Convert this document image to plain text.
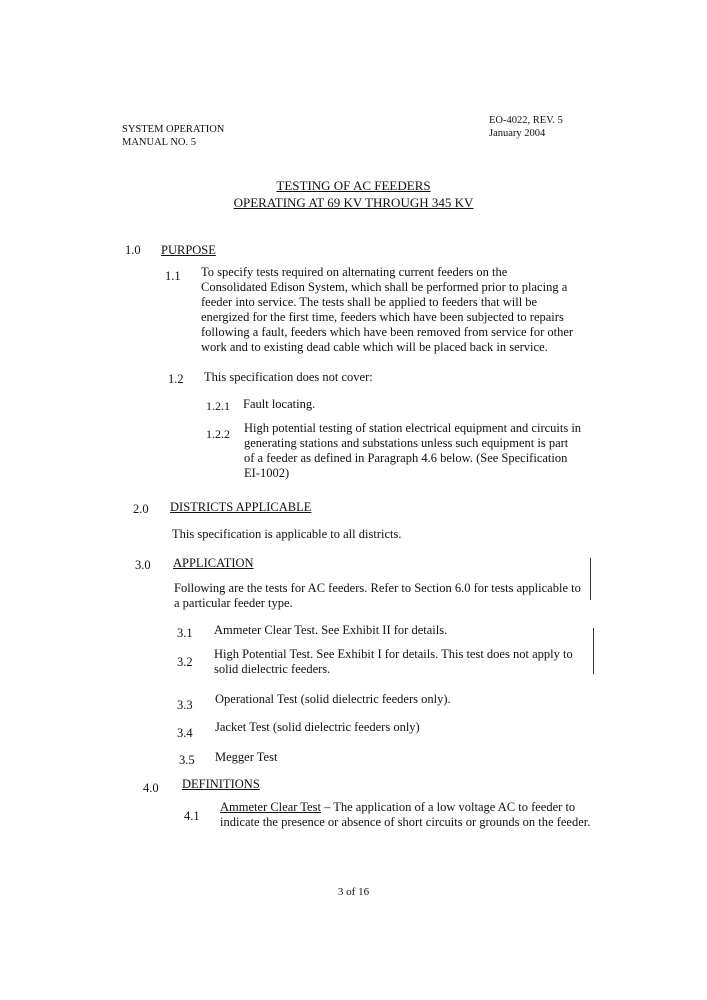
SYSTEM OPERATION
MANUAL NO. 5
EO-4022, REV. 5
January 2004
TESTING OF AC FEEDERS
OPERATING AT 69 KV THROUGH 345 KV
1.0 PURPOSE
1.1 To specify tests required on alternating current feeders on the
Consolidated Edison System, which shall be performed prior to placing a
feeder into service. The tests shall be applied to feeders that will be
energized for the first time, feeders which have been subjected to repairs
following a fault, feeders which have been removed from service for other
work and to existing dead cable which will be placed back in service.
1.2 This specification does not cover:
1.2.1 Fault locating.
1.2.2 High potential testing of station electrical equipment and circuits in
generating stations and substations unless such equipment is part
of a feeder as defined in Paragraph 4.6 below. (See Specification
EI-1002)
2.0 DISTRICTS APPLICABLE
This specification is applicable to all districts.
3.0 APPLICATION
Following are the tests for AC feeders. Refer to Section 6.0 for tests applicable to
a particular feeder type.
3.1 Ammeter Clear Test. See Exhibit II for details.
3.2
High Potential Test. See Exhibit I for details. This test does not apply to
solid dielectric feeders.
3.3 Operational Test (solid dielectric feeders only).
3.4 Jacket Test (solid dielectric feeders only)
3.5 Megger Test
4.0 DEFINITIONS
4.1
Ammeter Clear Test – The application of a low voltage AC to feeder to
indicate the presence or absence of short circuits or grounds on the feeder.
3 of 16
